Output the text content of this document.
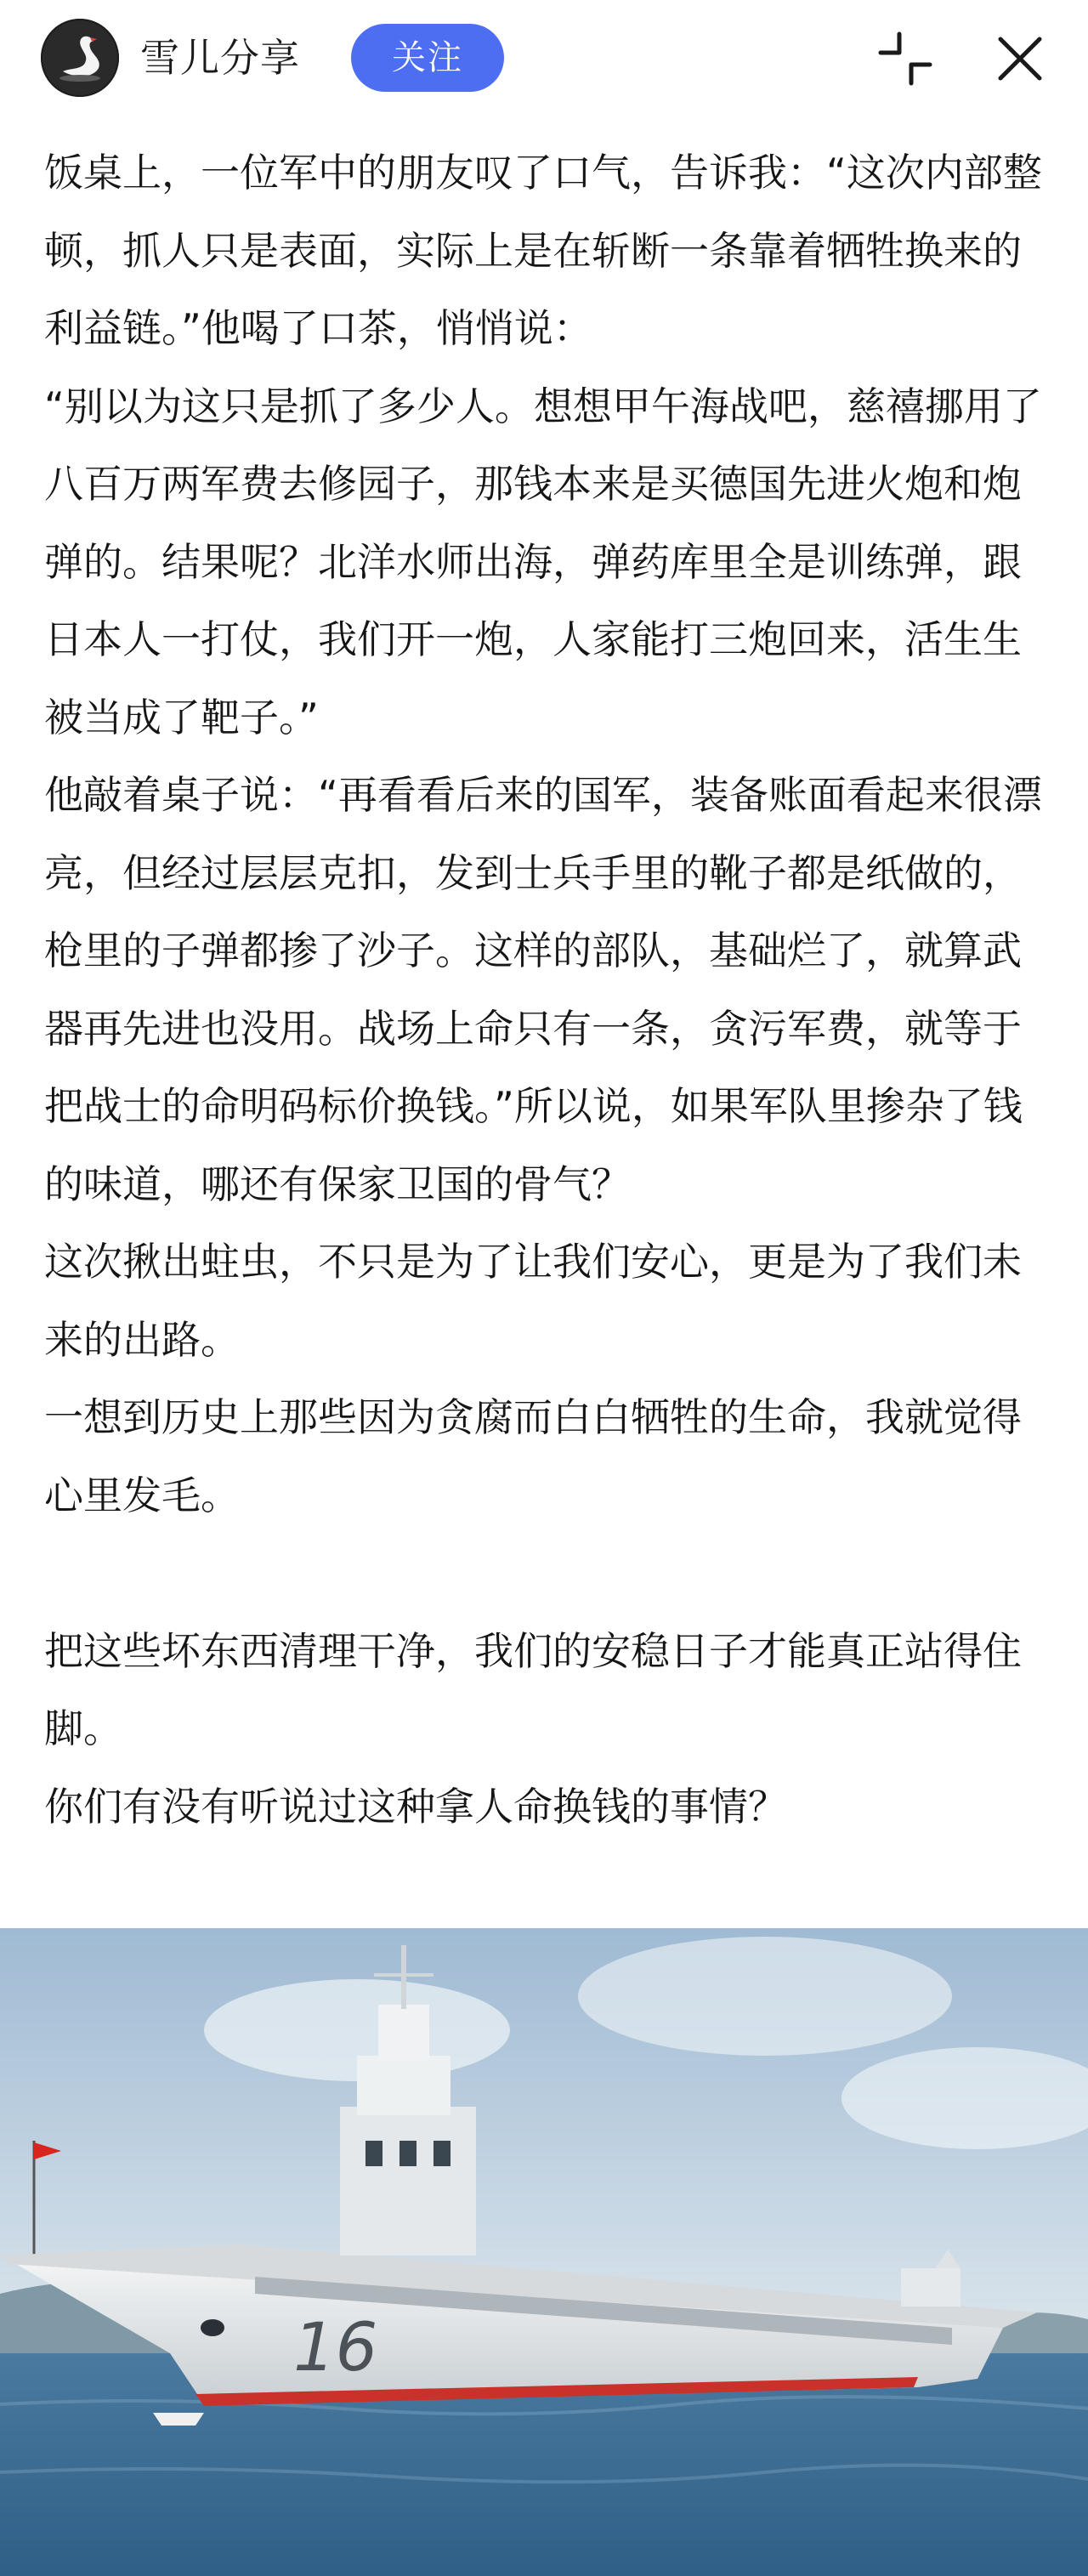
雪儿分享	关注

饭桌上，一位军中的朋友叹了口气，告诉我：“这次内部整顿，抓人只是表面，实际上是在斩断一条靠着牺牲换来的利益链。”他喝了口茶，悄悄说：

“别以为这只是抓了多少人。想想甲午海战吧，慈禧挪用了八百万两军费去修园子，那钱本来是买德国先进火炮和炮弹的。结果呢？北洋水师出海，弹药库里全是训练弹，跟日本人一打仗，我们开一炮，人家能打三炮回来，活生生被当成了靶子。”

他敲着桌子说：“再看看后来的国军，装备账面看起来很漂亮，但经过层层克扣，发到士兵手里的靴子都是纸做的，枪里的子弹都掺了沙子。这样的部队，基础烂了，就算武器再先进也没用。战场上命只有一条，贪污军费，就等于把战士的命明码标价换钱。”所以说，如果军队里掺杂了钱的味道，哪还有保家卫国的骨气？

这次揪出蛀虫，不只是为了让我们安心，更是为了我们未来的出路。

一想到历史上那些因为贪腐而白白牺牲的生命，我就觉得心里发毛。

把这些坏东西清理干净，我们的安稳日子才能真正站得住脚。

你们有没有听说过这种拿人命换钱的事情？

16
